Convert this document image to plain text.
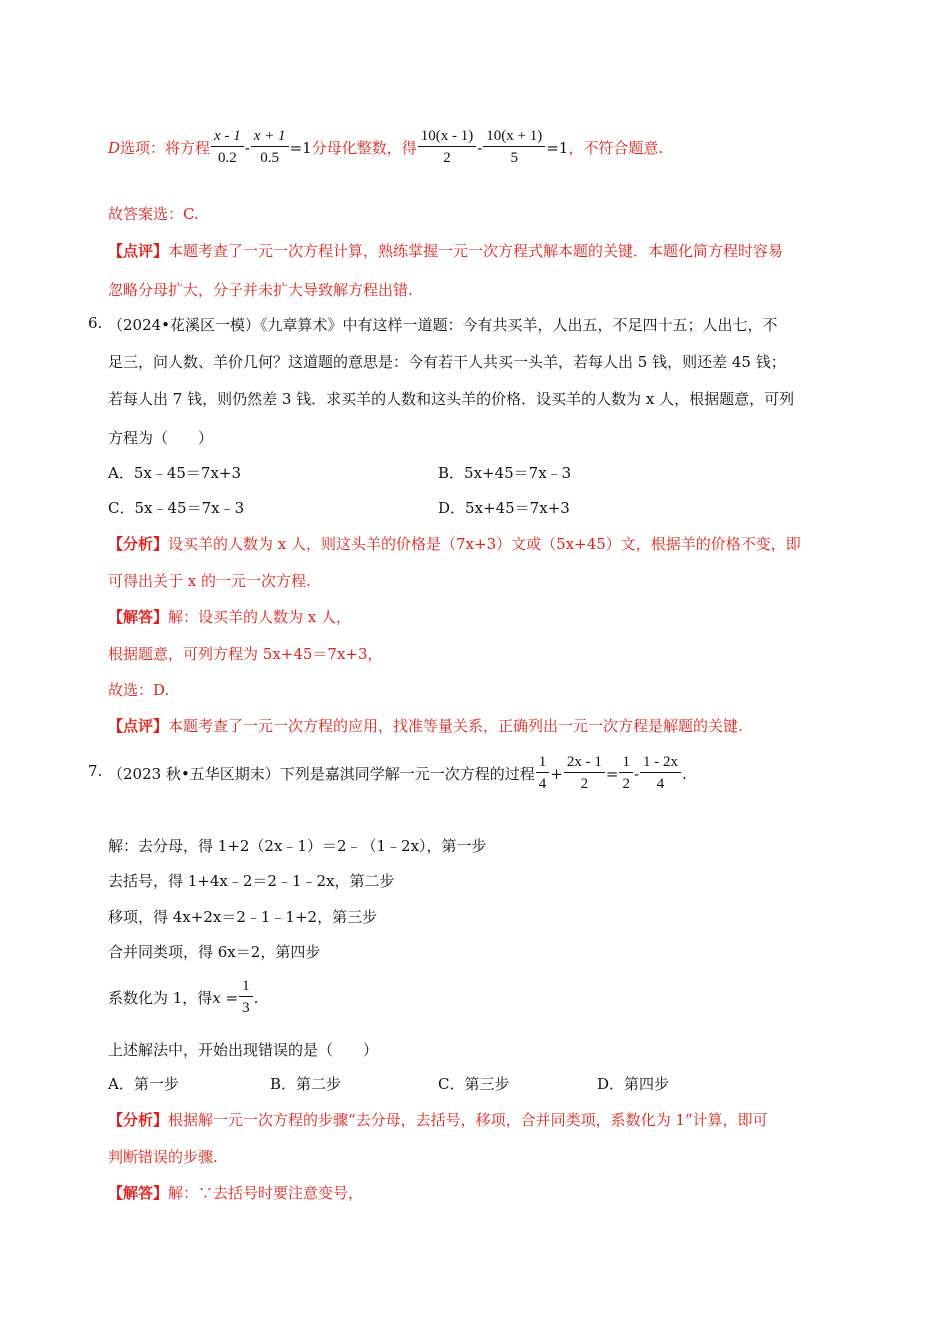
D 选项：将方程 $\frac{x - 1}{0.2} - \frac{x + 1}{0.5} =1$ 分母化整数，得 $\frac{10(x - 1)}{2} - \frac{10(x + 1)}{5} =1$ ，不符合题意.
故答案选：C.
【点评】本题考查了一元一次方程计算，熟练掌握一元一次方程式解本题的关键．本题化简方程时容易
忽略分母扩大，分子并未扩大导致解方程出错.
6. （2024•花溪区一模）《九章算术》中有这样一道题：今有共买羊，人出五，不足四十五；人出七，不
足三，问人数、羊价几何？这道题的意思是：今有若干人共买一头羊，若每人出 5 钱，则还差 45 钱；
若每人出 7 钱，则仍然差 3 钱．求买羊的人数和这头羊的价格．设买羊的人数为 x 人，根据题意，可列
方程为（　　）
A．5x﹣45＝7x+3	B．5x+45＝7x﹣3
C．5x﹣45＝7x﹣3	D．5x+45＝7x+3
【分析】设买羊的人数为 x 人，则这头羊的价格是（7x+3）文或（5x+45）文，根据羊的价格不变，即
可得出关于 x 的一元一次方程.
【解答】解：设买羊的人数为 x 人，
根据题意，可列方程为 5x+45＝7x+3，
故选：D.
【点评】本题考查了一元一次方程的应用，找准等量关系，正确列出一元一次方程是解题的关键.
7. （2023 秋•五华区期末）下列是嘉淇同学解一元一次方程的过程 $\frac{1}{4} + \frac{2x - 1}{2} = \frac{1}{2} - \frac{1 - 2x}{4}$ .
解：去分母，得 1+2（2x﹣1）＝2﹣（1﹣2x），第一步
去括号，得 1+4x﹣2＝2﹣1﹣2x，第二步
移项，得 4x+2x＝2﹣1﹣1+2，第三步
合并同类项，得 6x＝2，第四步
系数化为 1，得 $x = \frac{1}{3}$ .
上述解法中，开始出现错误的是（　　）
A．第一步	B．第二步	C．第三步	D．第四步
【分析】根据解一元一次方程的步骤“去分母，去括号，移项，合并同类项，系数化为 1”计算，即可
判断错误的步骤.
【解答】解：∵去括号时要注意变号，
